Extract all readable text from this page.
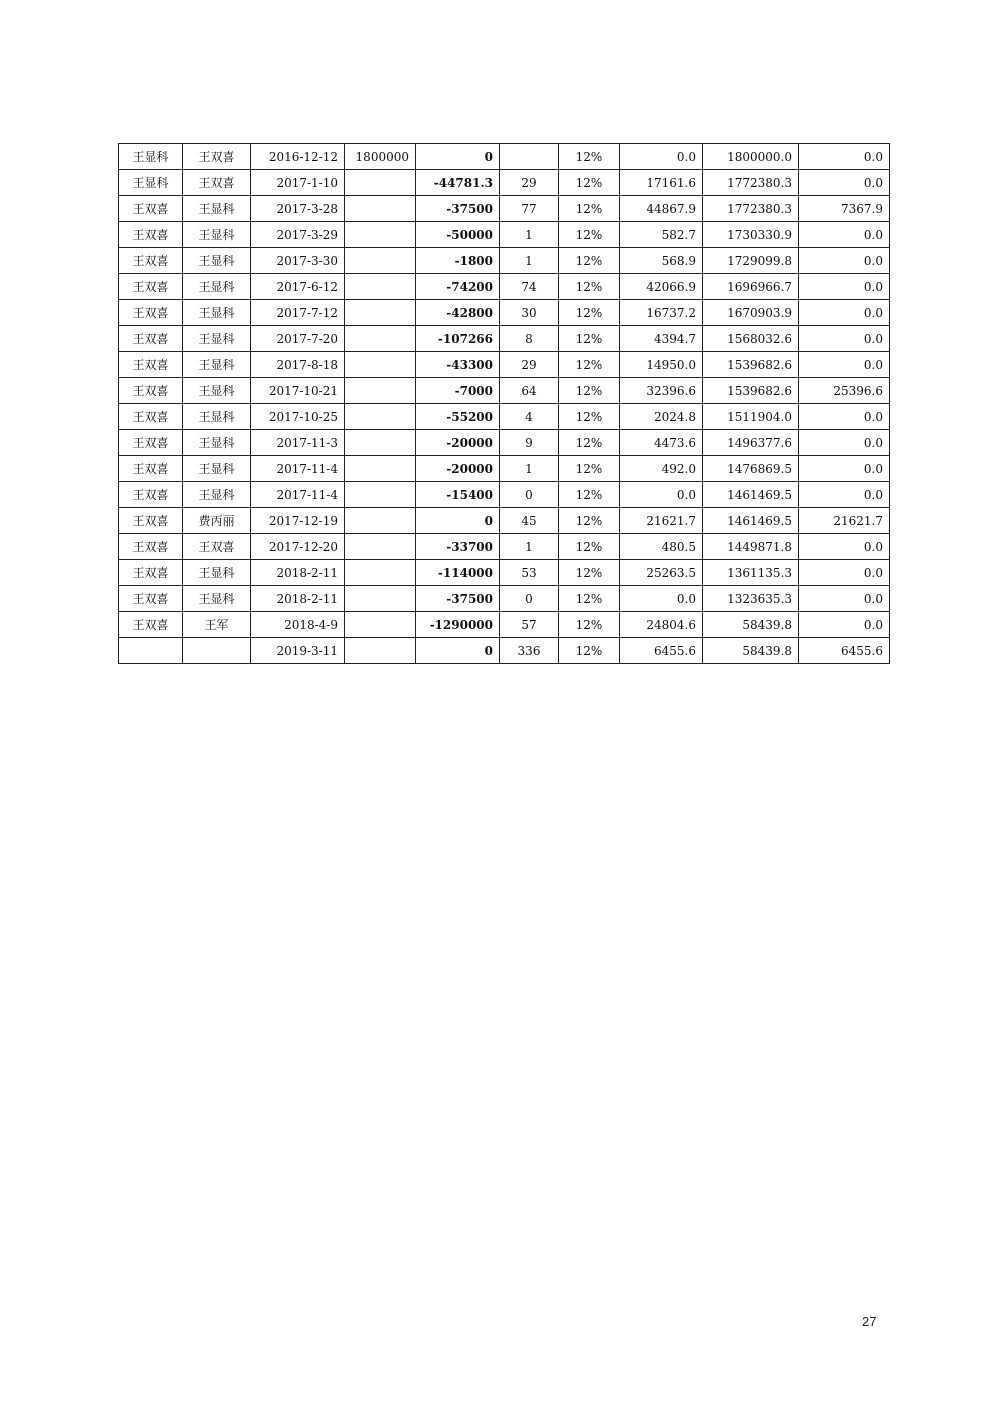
王显科	王双喜	2016-12-12	1800000	0		12%	0.0	1800000.0	0.0
王显科	王双喜	2017-1-10		-44781.3	29	12%	17161.6	1772380.3	0.0
王双喜	王显科	2017-3-28		-37500	77	12%	44867.9	1772380.3	7367.9
王双喜	王显科	2017-3-29		-50000	1	12%	582.7	1730330.9	0.0
王双喜	王显科	2017-3-30		-1800	1	12%	568.9	1729099.8	0.0
王双喜	王显科	2017-6-12		-74200	74	12%	42066.9	1696966.7	0.0
王双喜	王显科	2017-7-12		-42800	30	12%	16737.2	1670903.9	0.0
王双喜	王显科	2017-7-20		-107266	8	12%	4394.7	1568032.6	0.0
王双喜	王显科	2017-8-18		-43300	29	12%	14950.0	1539682.6	0.0
王双喜	王显科	2017-10-21		-7000	64	12%	32396.6	1539682.6	25396.6
王双喜	王显科	2017-10-25		-55200	4	12%	2024.8	1511904.0	0.0
王双喜	王显科	2017-11-3		-20000	9	12%	4473.6	1496377.6	0.0
王双喜	王显科	2017-11-4		-20000	1	12%	492.0	1476869.5	0.0
王双喜	王显科	2017-11-4		-15400	0	12%	0.0	1461469.5	0.0
王双喜	费丙丽	2017-12-19		0	45	12%	21621.7	1461469.5	21621.7
王双喜	王双喜	2017-12-20		-33700	1	12%	480.5	1449871.8	0.0
王双喜	王显科	2018-2-11		-114000	53	12%	25263.5	1361135.3	0.0
王双喜	王显科	2018-2-11		-37500	0	12%	0.0	1323635.3	0.0
王双喜	王军	2018-4-9		-1290000	57	12%	24804.6	58439.8	0.0
		2019-3-11		0	336	12%	6455.6	58439.8	6455.6
27
